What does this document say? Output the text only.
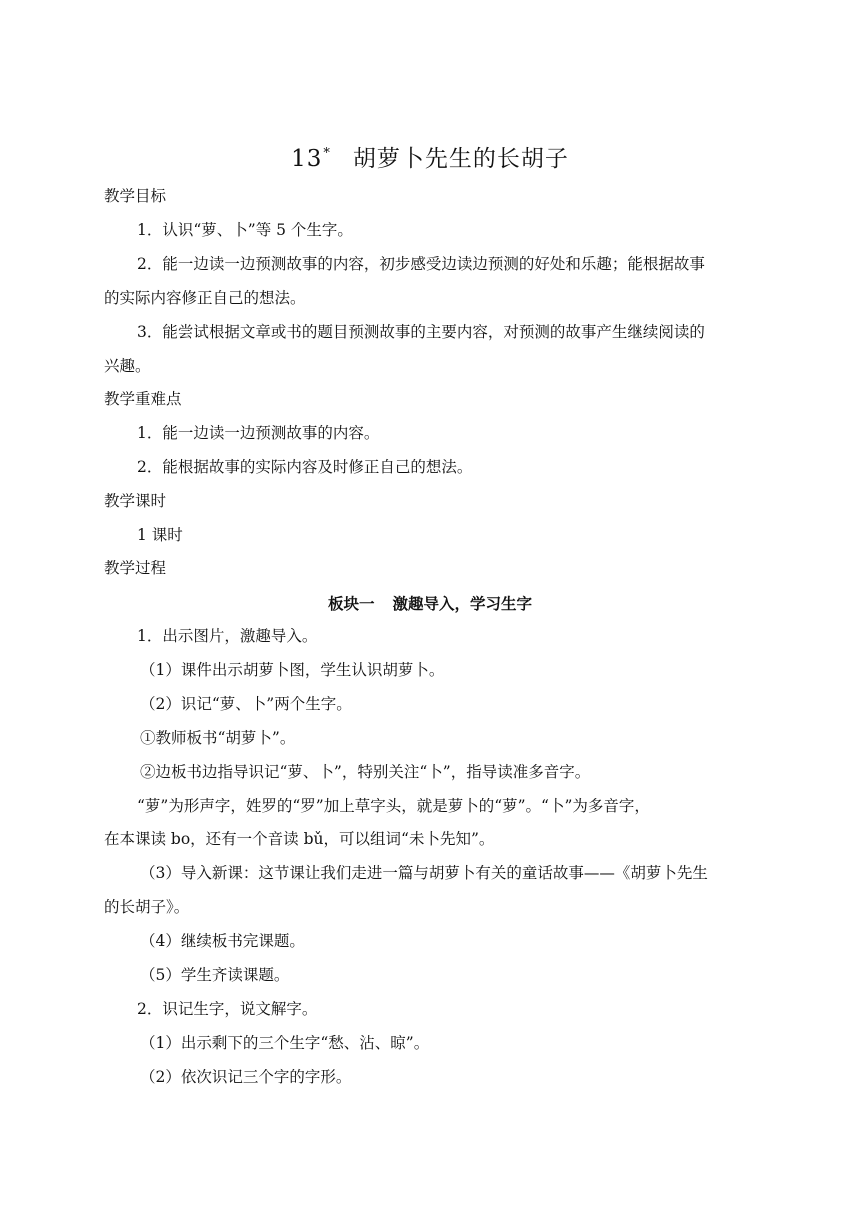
13* 胡萝卜先生的长胡子
教学目标
1．认识“萝、卜”等 5 个生字。
2．能一边读一边预测故事的内容，初步感受边读边预测的好处和乐趣；能根据故事
的实际内容修正自己的想法。
3．能尝试根据文章或书的题目预测故事的主要内容，对预测的故事产生继续阅读的
兴趣。
教学重难点
1．能一边读一边预测故事的内容。
2．能根据故事的实际内容及时修正自己的想法。
教学课时
1 课时
教学过程
板块一 激趣导入，学习生字
1．出示图片，激趣导入。
（1）课件出示胡萝卜图，学生认识胡萝卜。
（2）识记“萝、卜”两个生字。
①教师板书“胡萝卜”。
②边板书边指导识记“萝、卜”，特别关注“卜”，指导读准多音字。
“萝”为形声字，姓罗的“罗”加上草字头，就是萝卜的“萝”。“卜”为多音字，
在本课读 bo，还有一个音读 bǔ，可以组词“未卜先知”。
（3）导入新课：这节课让我们走进一篇与胡萝卜有关的童话故事——《胡萝卜先生
的长胡子》。
（4）继续板书完课题。
（5）学生齐读课题。
2．识记生字，说文解字。
（1）出示剩下的三个生字“愁、沾、晾”。
（2）依次识记三个字的字形。
